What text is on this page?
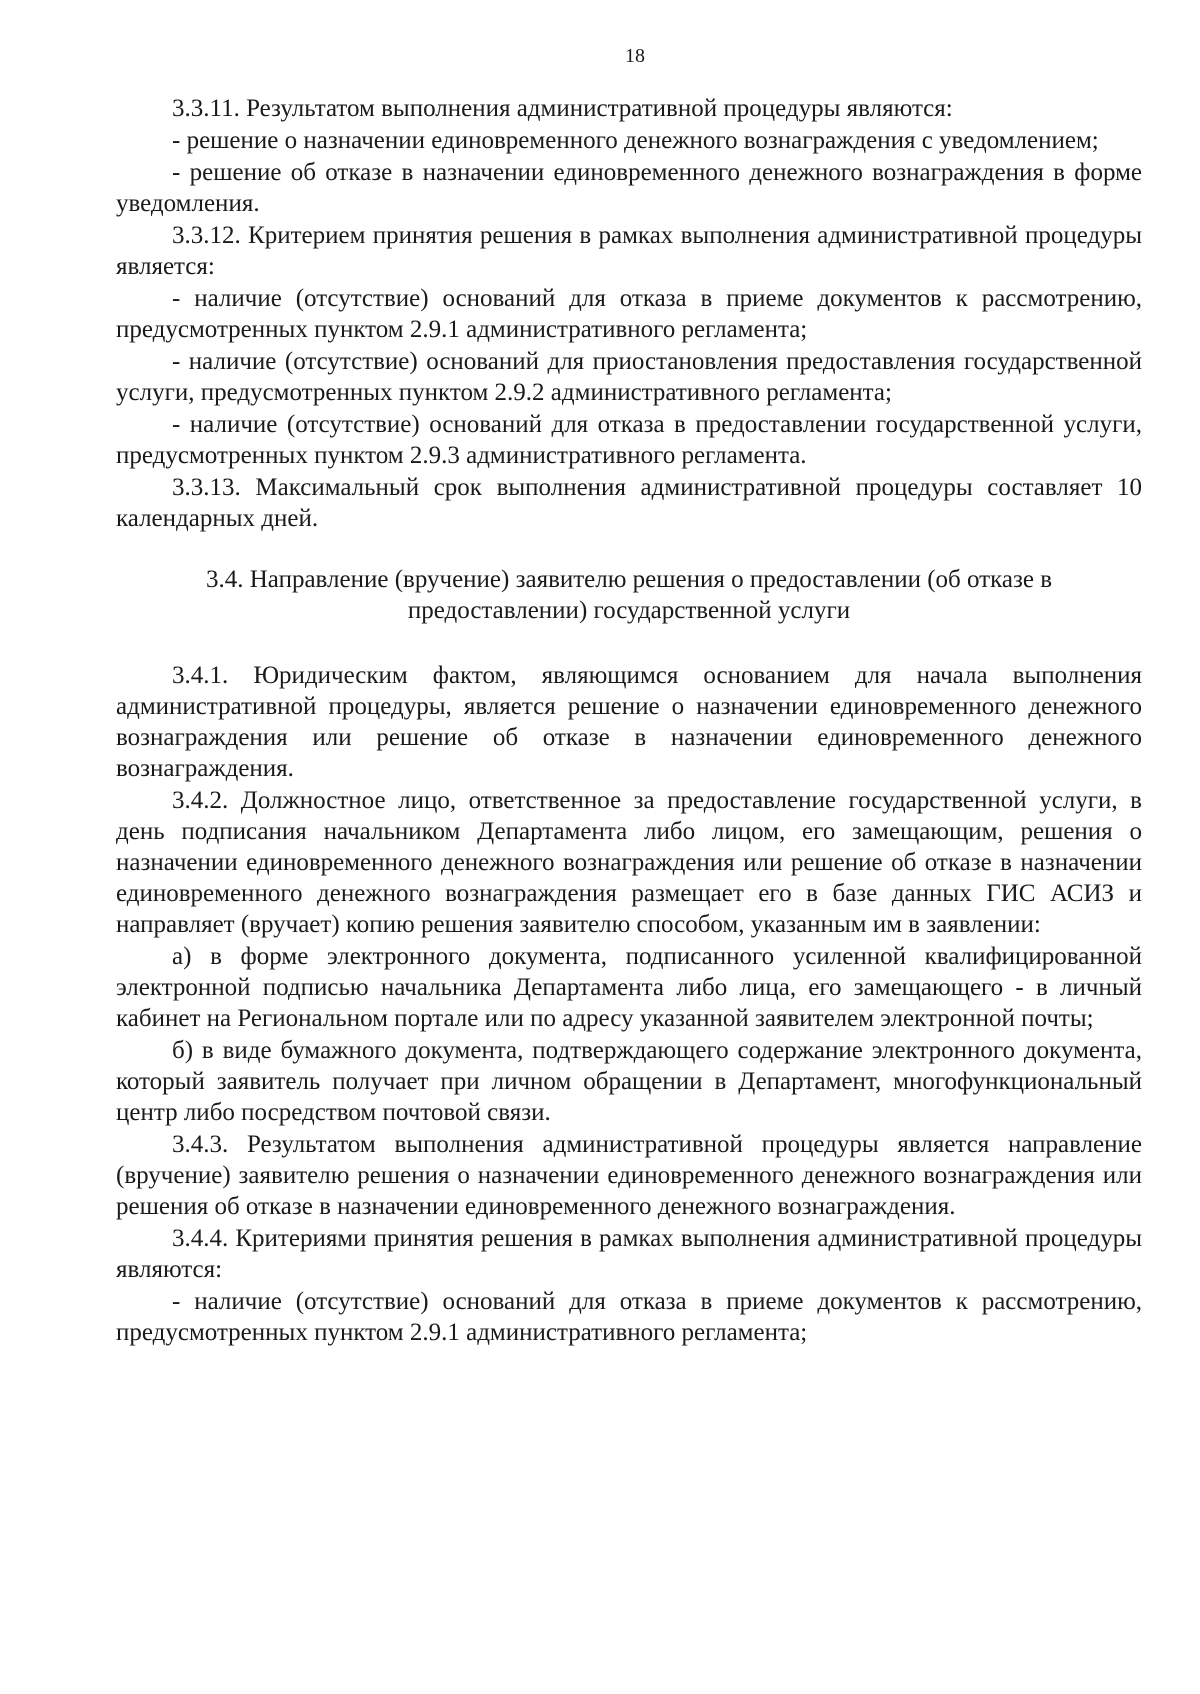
18

3.3.11. Результатом выполнения административной процедуры являются:

- решение о назначении единовременного денежного вознаграждения с уведомлением;

- решение об отказе в назначении единовременного денежного вознаграждения в форме уведомления.

3.3.12. Критерием принятия решения в рамках выполнения административной процедуры является:

- наличие (отсутствие) оснований для отказа в приеме документов к рассмотрению, предусмотренных пунктом 2.9.1 административного регламента;

- наличие (отсутствие) оснований для приостановления предоставления государственной услуги, предусмотренных пунктом 2.9.2 административного регламента;

- наличие (отсутствие) оснований для отказа в предоставлении государственной услуги, предусмотренных пунктом 2.9.3 административного регламента.

3.3.13. Максимальный срок выполнения административной процедуры составляет 10 календарных дней.

3.4. Направление (вручение) заявителю решения о предоставлении (об отказе в предоставлении) государственной услуги

3.4.1. Юридическим фактом, являющимся основанием для начала выполнения административной процедуры, является решение о назначении единовременного денежного вознаграждения или решение об отказе в назначении единовременного денежного вознаграждения.

3.4.2. Должностное лицо, ответственное за предоставление государственной услуги, в день подписания начальником Департамента либо лицом, его замещающим, решения о назначении единовременного денежного вознаграждения или решение об отказе в назначении единовременного денежного вознаграждения размещает его в базе данных ГИС АСИЗ и направляет (вручает) копию решения заявителю способом, указанным им в заявлении:

а) в форме электронного документа, подписанного усиленной квалифицированной электронной подписью начальника Департамента либо лица, его замещающего - в личный кабинет на Региональном портале или по адресу указанной заявителем электронной почты;

б) в виде бумажного документа, подтверждающего содержание электронного документа, который заявитель получает при личном обращении в Департамент, многофункциональный центр либо посредством почтовой связи.

3.4.3. Результатом выполнения административной процедуры является направление (вручение) заявителю решения о назначении единовременного денежного вознаграждения или решения об отказе в назначении единовременного денежного вознаграждения.

3.4.4. Критериями принятия решения в рамках выполнения административной процедуры являются:

- наличие (отсутствие) оснований для отказа в приеме документов к рассмотрению, предусмотренных пунктом 2.9.1 административного регламента;
